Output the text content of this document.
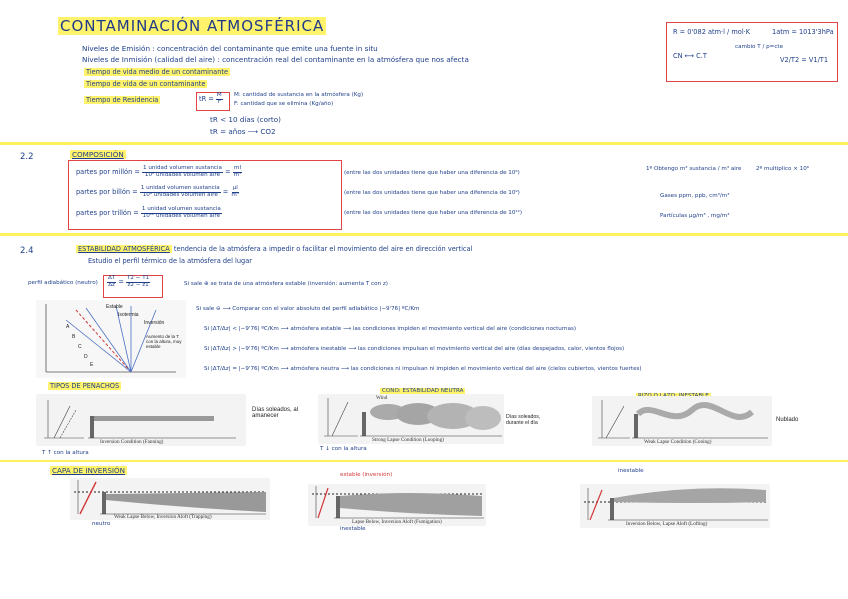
CONTAMINACIÓN ATMOSFÉRICA
Niveles de Emisión : concentración del contaminante que emite una fuente in situ
Niveles de Inmisión (calidad del aire) : concentración real del contaminante en la atmósfera que nos afecta
Tiempo de vida medio de un contaminante
Tiempo de vida de un contaminante
Tiempo de Residencia	tR = $\frac{M}{F} M$: cantidad de sustancia en la atmósfera (Kg)
F: cantidad que se elimina (Kg/año)
tR < 10 días (corto)
tR = años ⟶ CO2
R = 0'082 atm·l / mol·K	1atm = 1013'3hPa
CN ⟷ C.T
cambio T / p=cte
V2/T2 = V1/T1
2.2	COMPOSICIÓN
partes por millón = $\frac{\text{1 unidad volumen sustancia}}{\text{10⁶ unidades volumen aire}} = \frac{ml}{\text{m³}}$
partes por billón = $\frac{\text{1 unidad volumen sustancia}}{\text{10⁹ unidades volumen aire}} = \frac{\text{µl}}{\text{m³}}$
partes por trillón = $\frac{\text{1 unidad volumen sustancia}}{\text{10¹² unidades volumen aire}}$
(entre las dos unidades tiene que haber una diferencia de 10⁶)
(entre las dos unidades tiene que haber una diferencia de 10⁹)
(entre las dos unidades tiene que haber una diferencia de 10¹²)
1º Obtengo m³ sustancia / m³ aire	2º multiplico × 10⁶
Gases ppm, ppb, cm³/m³
Partículas µg/m³ , mg/m³
2.4	ESTABILIDAD ATMOSFÉRICA tendencia de la atmósfera a impedir o facilitar el movimiento del aire en dirección vertical
Estudio el perfil térmico de la atmósfera del lugar
$\frac{\Delta T}{\Delta z} = \frac{T2 - T1}{z2 - z1}$	Si sale ⊕ se trata de una atmósfera estable (inversión: aumenta T con z)
Si sale ⊖ ⟶ Comparar con el valor absoluto del perfil adiabático |−9'76| ºC/Km
Si |ΔT/Δz| < |−9'76| ºC/Km ⟶ atmósfera estable ⟶ las condiciones impiden el movimiento vertical del aire (condiciones nocturnas)
Si |ΔT/Δz| > |−9'76| ºC/Km ⟶ atmósfera inestable ⟶ las condiciones impulsan el movimiento vertical del aire (días despejados, calor, vientos flojos)
Si |ΔT/Δz| = |−9'76| ºC/Km ⟶ atmósfera neutra ⟶ las condiciones ni impulsan ni impiden el movimiento vertical del aire (cielos cubiertos, vientos fuertes)
perfil adiabático (neutro)
Estable
Isotermia
Inversión
Aumento de la T con la altura, muy estable
A
B
C
D
E
TIPOS DE PENACHOS
CONO: ESTABILIDAD NEUTRA
Inversion Condition (Fanning)
Días soleados, al amanecer
Strong Lapse Condition (Looping)
Wind
Días soleados, durante el día
Weak Lapse Condition (Coning)
Nublado
T ↑ con la altura
T ↓ con la altura
CAPA DE INVERSIÓN
Weak Lapse Below, Inversion Aloft (Trapping)
neutro	Lapse Below, Inversion Aloft (Fumigation)
estable (inversión)
inestable
Inversion Below, Lapse Aloft (Lofting)
inestable
